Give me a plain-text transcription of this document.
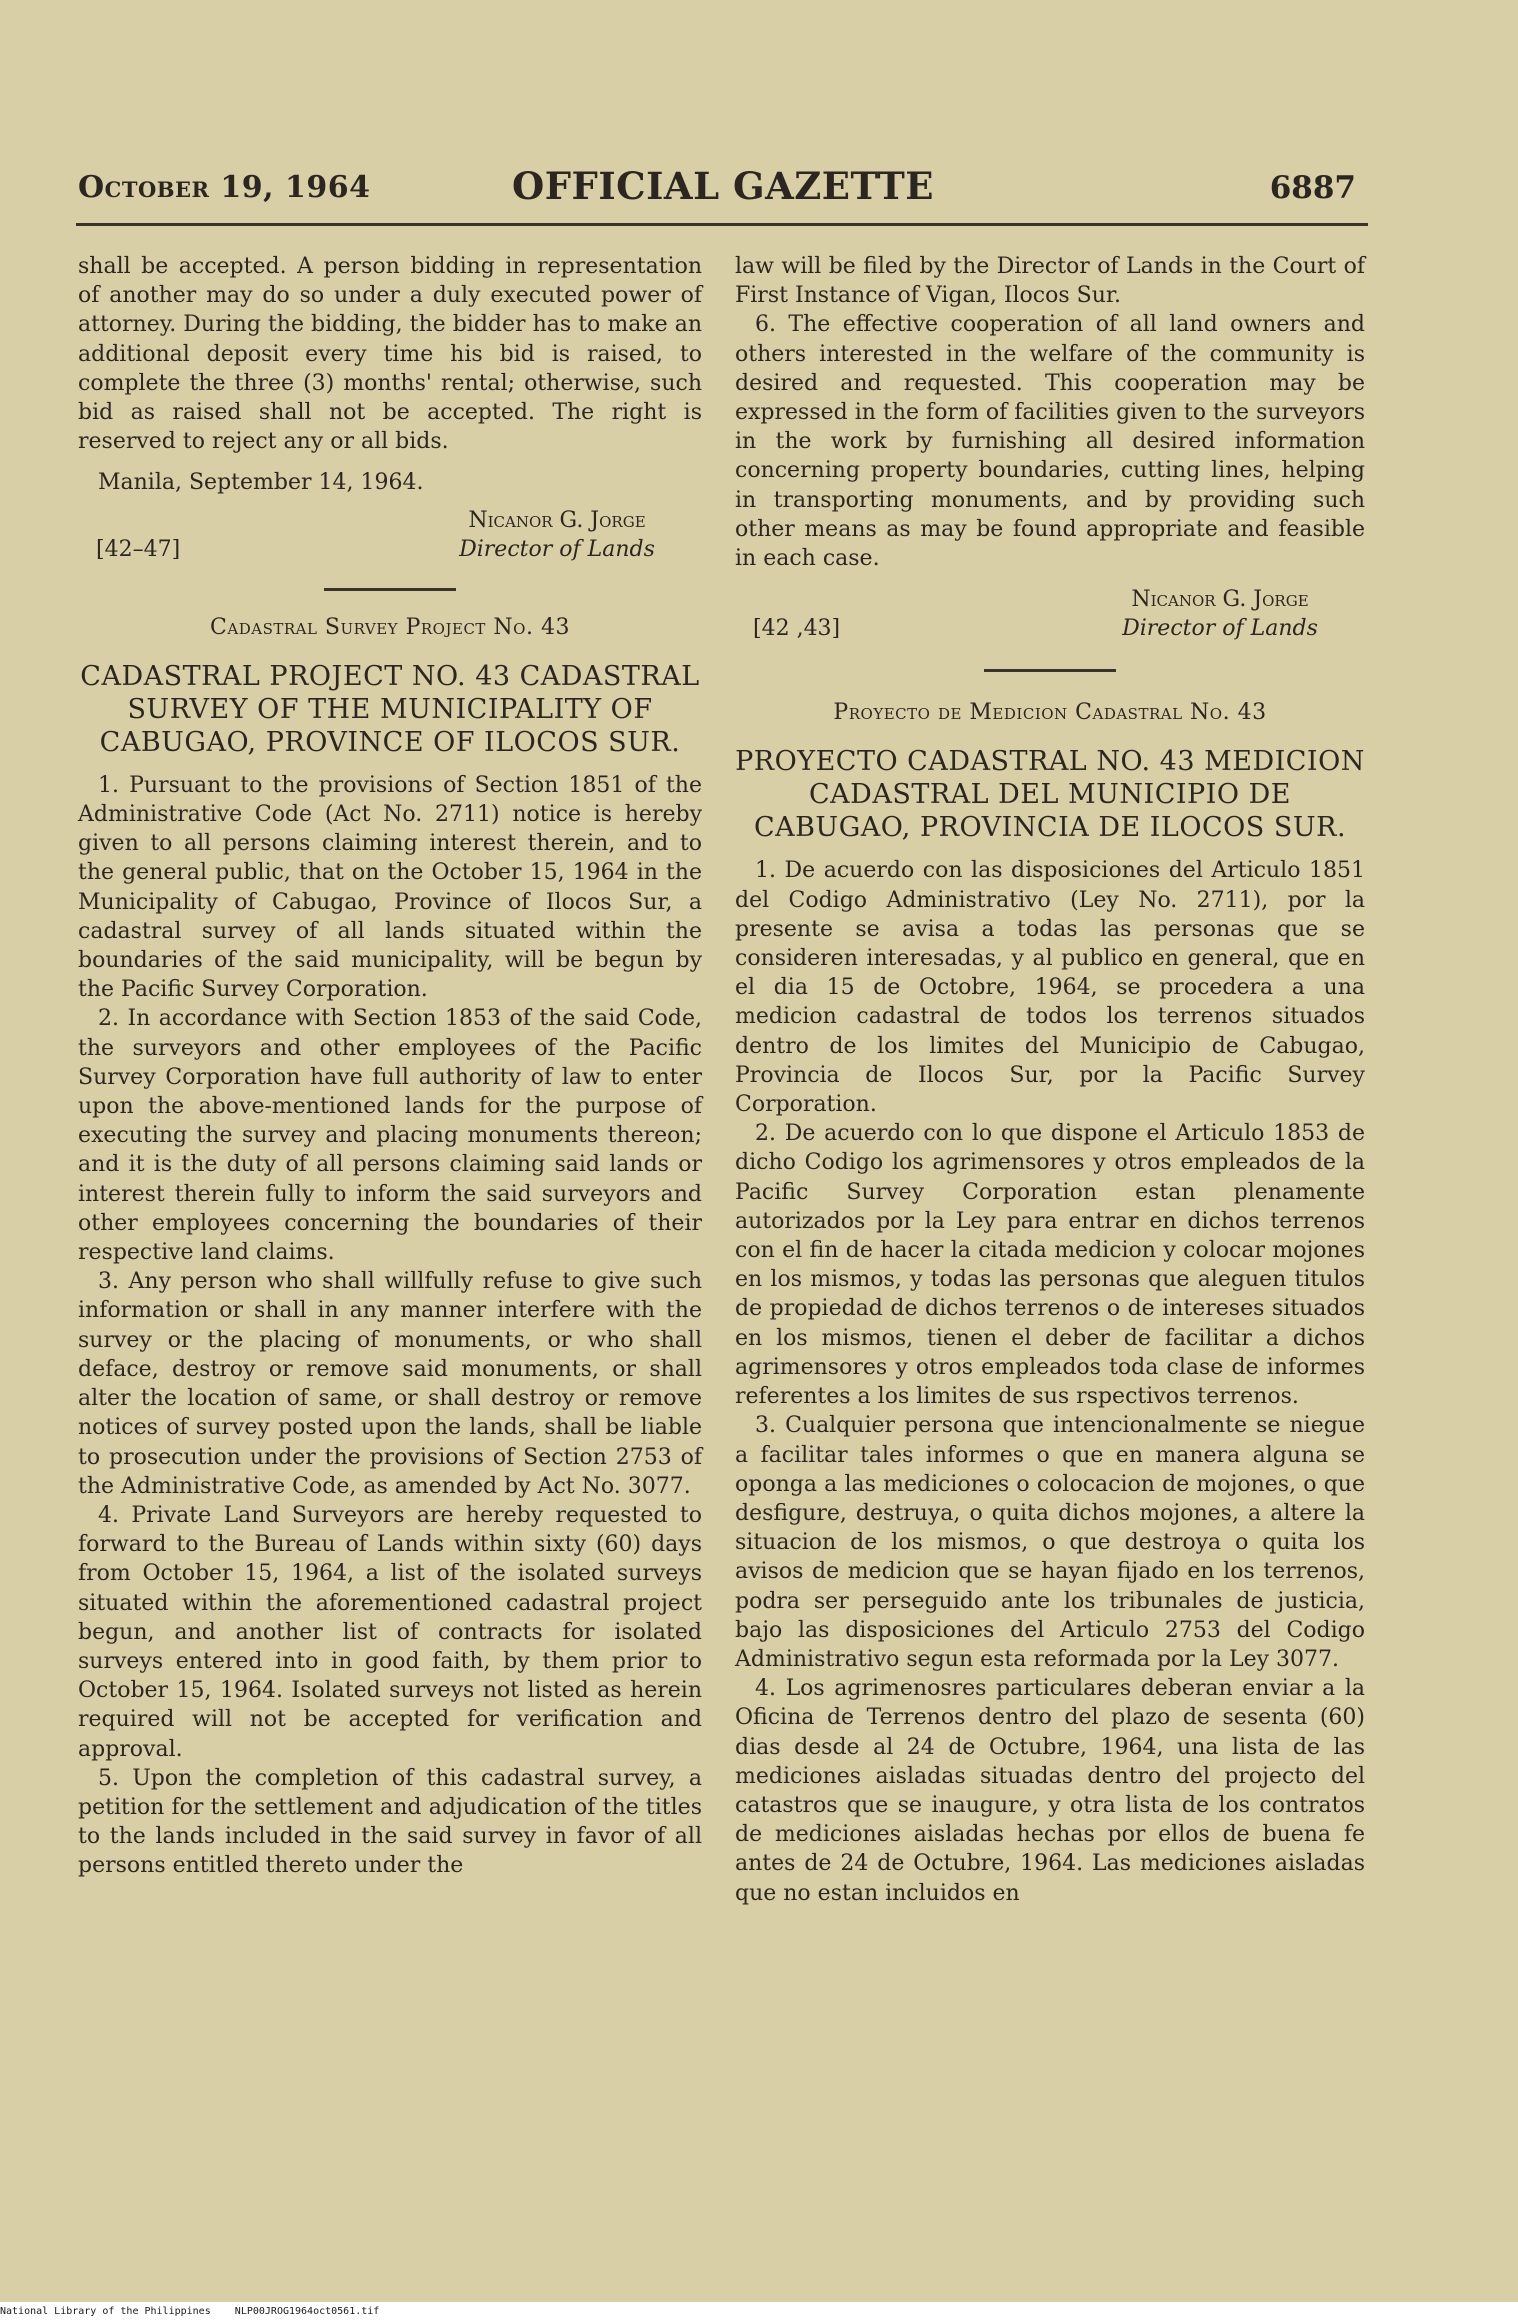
October 19, 1964	OFFICIAL GAZETTE	6887

shall be accepted. A person bidding in representation of another may do so under a duly executed power of attorney. During the bidding, the bidder has to make an additional deposit every time his bid is raised, to complete the three (3) months' rental; otherwise, such bid as raised shall not be accepted. The right is reserved to reject any or all bids.

Manila, September 14, 1964.

Nicanor G. Jorge
[42–47]	Director of Lands
Cadastral Survey Project No. 43
CADASTRAL PROJECT NO. 43 CADASTRAL SURVEY OF THE MUNICIPALITY OF CABUGAO, PROVINCE OF ILOCOS SUR.

1. Pursuant to the provisions of Section 1851 of the Administrative Code (Act No. 2711) notice is hereby given to all persons claiming interest therein, and to the general public, that on the October 15, 1964 in the Municipality of Cabugao, Province of Ilocos Sur, a cadastral survey of all lands situated within the boundaries of the said municipality, will be begun by the Pacific Survey Corporation.

2. In accordance with Section 1853 of the said Code, the surveyors and other employees of the Pacific Survey Corporation have full authority of law to enter upon the above-mentioned lands for the purpose of executing the survey and placing monuments thereon; and it is the duty of all persons claiming said lands or interest therein fully to inform the said surveyors and other employees concerning the boundaries of their respective land claims.

3. Any person who shall willfully refuse to give such information or shall in any manner interfere with the survey or the placing of monuments, or who shall deface, destroy or remove said monuments, or shall alter the location of same, or shall destroy or remove notices of survey posted upon the lands, shall be liable to prosecution under the provisions of Section 2753 of the Administrative Code, as amended by Act No. 3077.

4. Private Land Surveyors are hereby requested to forward to the Bureau of Lands within sixty (60) days from October 15, 1964, a list of the isolated surveys situated within the aforementioned cadastral project begun, and another list of contracts for isolated surveys entered into in good faith, by them prior to October 15, 1964. Isolated surveys not listed as herein required will not be accepted for verification and approval.

5. Upon the completion of this cadastral survey, a petition for the settlement and adjudication of the titles to the lands included in the said survey in favor of all persons entitled thereto under the

law will be filed by the Director of Lands in the Court of First Instance of Vigan, Ilocos Sur.

6. The effective cooperation of all land owners and others interested in the welfare of the community is desired and requested. This cooperation may be expressed in the form of facilities given to the surveyors in the work by furnishing all desired information concerning property boundaries, cutting lines, helping in transporting monuments, and by providing such other means as may be found appropriate and feasible in each case.

Nicanor G. Jorge
[42 ,43]	Director of Lands
Proyecto de Medicion Cadastral No. 43
PROYECTO CADASTRAL NO. 43 MEDICION CADASTRAL DEL MUNICIPIO DE CABUGAO, PROVINCIA DE ILOCOS SUR.

1. De acuerdo con las disposiciones del Articulo 1851 del Codigo Administrativo (Ley No. 2711), por la presente se avisa a todas las personas que se consideren interesadas, y al publico en general, que en el dia 15 de Octobre, 1964, se procedera a una medicion cadastral de todos los terrenos situados dentro de los limites del Municipio de Cabugao, Provincia de Ilocos Sur, por la Pacific Survey Corporation.

2. De acuerdo con lo que dispone el Articulo 1853 de dicho Codigo los agrimensores y otros empleados de la Pacific Survey Corporation estan plenamente autorizados por la Ley para entrar en dichos terrenos con el fin de hacer la citada medicion y colocar mojones en los mismos, y todas las personas que aleguen titulos de propiedad de dichos terrenos o de intereses situados en los mismos, tienen el deber de facilitar a dichos agrimensores y otros empleados toda clase de informes referentes a los limites de sus rspectivos terrenos.

3. Cualquier persona que intencionalmente se niegue a facilitar tales informes o que en manera alguna se oponga a las mediciones o colocacion de mojones, o que desfigure, destruya, o quita dichos mojones, a altere la situacion de los mismos, o que destroya o quita los avisos de medicion que se hayan fijado en los terrenos, podra ser perseguido ante los tribunales de justicia, bajo las disposiciones del Articulo 2753 del Codigo Administrativo segun esta reformada por la Ley 3077.

4. Los agrimenosres particulares deberan enviar a la Oficina de Terrenos dentro del plazo de sesenta (60) dias desde al 24 de Octubre, 1964, una lista de las mediciones aisladas situadas dentro del projecto del catastros que se inaugure, y otra lista de los contratos de mediciones aisladas hechas por ellos de buena fe antes de 24 de Octubre, 1964. Las mediciones aisladas que no estan incluidos en

National Library of the Philippines    NLP00JROG1964oct0561.tif
